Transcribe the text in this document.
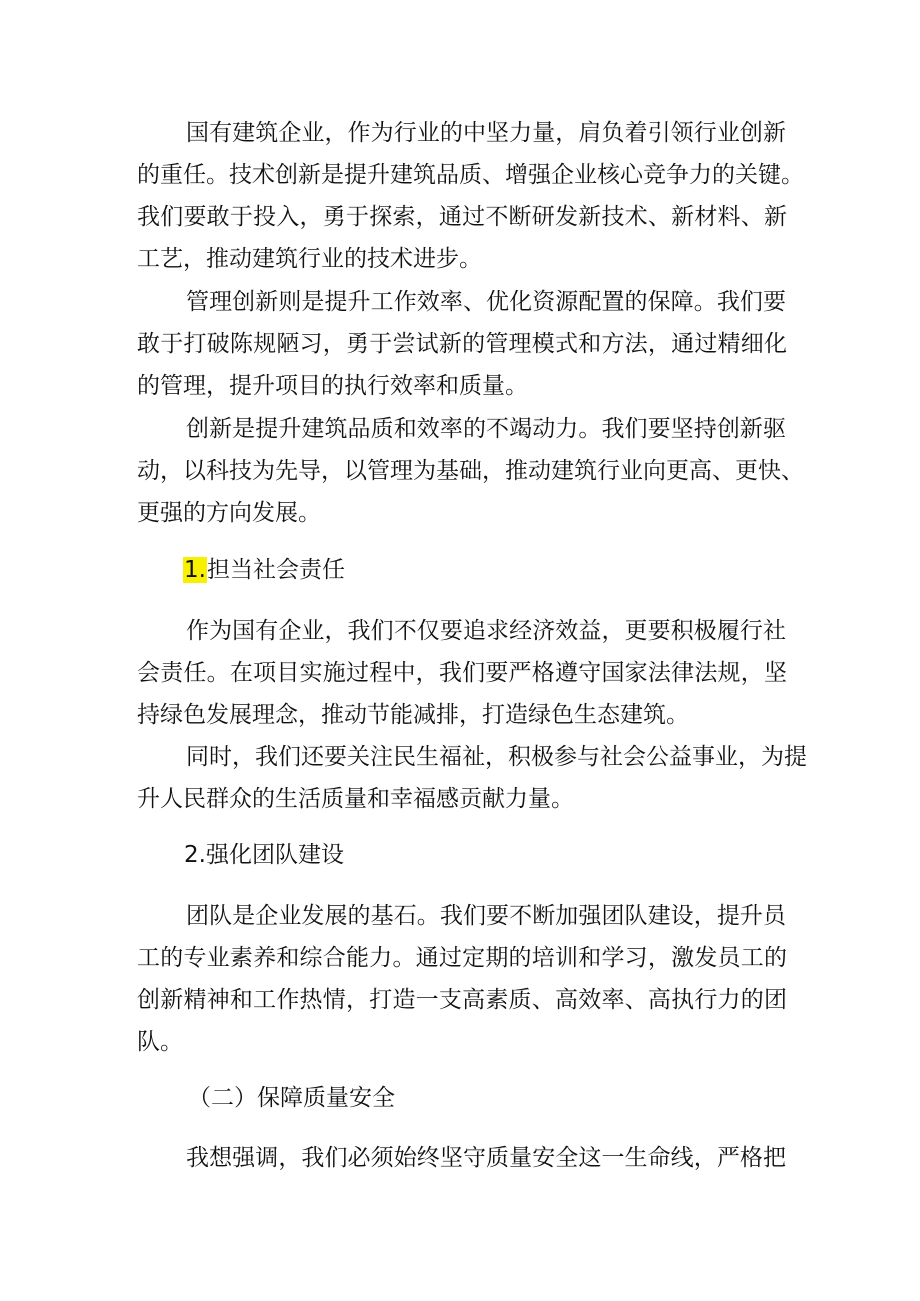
国有建筑企业，作为行业的中坚力量，肩负着引领行业创新

的重任。技术创新是提升建筑品质、增强企业核心竞争力的关键。

我们要敢于投入，勇于探索，通过不断研发新技术、新材料、新

工艺，推动建筑行业的技术进步。

管理创新则是提升工作效率、优化资源配置的保障。我们要

敢于打破陈规陋习，勇于尝试新的管理模式和方法，通过精细化

的管理，提升项目的执行效率和质量。

创新是提升建筑品质和效率的不竭动力。我们要坚持创新驱

动，以科技为先导，以管理为基础，推动建筑行业向更高、更快、

更强的方向发展。

1.担当社会责任

作为国有企业，我们不仅要追求经济效益，更要积极履行社

会责任。在项目实施过程中，我们要严格遵守国家法律法规，坚

持绿色发展理念，推动节能减排，打造绿色生态建筑。

同时，我们还要关注民生福祉，积极参与社会公益事业，为提

升人民群众的生活质量和幸福感贡献力量。

2.强化团队建设

团队是企业发展的基石。我们要不断加强团队建设，提升员

工的专业素养和综合能力。通过定期的培训和学习，激发员工的

创新精神和工作热情，打造一支高素质、高效率、高执行力的团

队。

（二）保障质量安全

我想强调，我们必须始终坚守质量安全这一生命线，严格把
